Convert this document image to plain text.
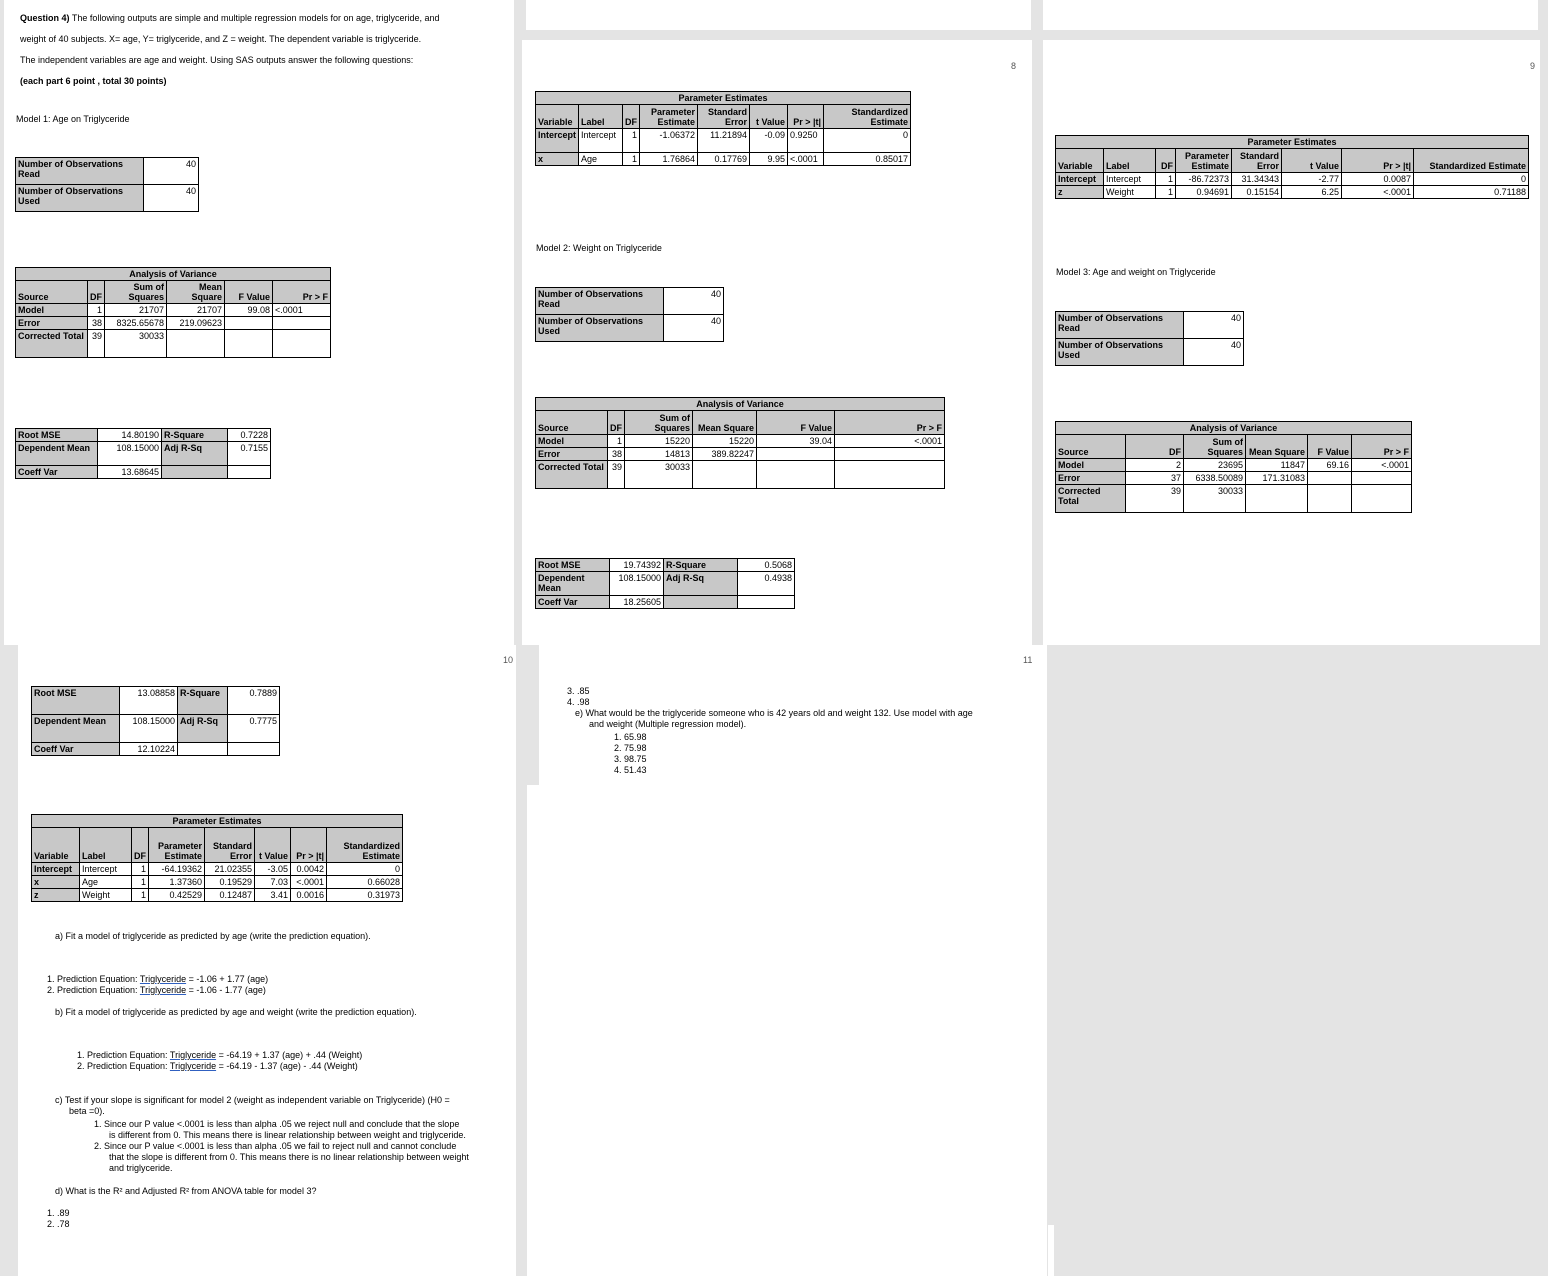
Question 4) The following outputs are simple and multiple regression models for on age, triglyceride, and
weight of 40 subjects. X= age, Y= triglyceride, and Z = weight. The dependent variable is triglyceride.
The independent variables are age and weight. Using SAS outputs answer the following questions:
(each part 6 point , total 30 points)
Model 1: Age on Triglyceride
Number of Observations Read	40
Number of Observations Used	40
Analysis of Variance					
Source	DF	Sum of Squares	Mean Square	F Value	Pr > F
Model	1	21707	21707	99.08	<.0001
Error	38	8325.65678	219.09623		
Corrected Total	39	30033			
Root MSE	14.80190	R-Square	0.7228
Dependent Mean	108.15000	Adj R-Sq	0.7155
Coeff Var	13.68645		
8
Parameter Estimates							
Variable	Label	DF	Parameter Estimate	Standard Error	t Value	Pr > |t|	Standardized Estimate
Intercept	Intercept	1	-1.06372	11.21894	-0.09	0.9250	0
x	Age	1	1.76864	0.17769	9.95	<.0001	0.85017
Model 2: Weight on Triglyceride
Number of Observations Read	40
Number of Observations Used	40
Analysis of Variance					
Source	DF	Sum of Squares	Mean Square	F Value	Pr > F
Model	1	15220	15220	39.04	<.0001
Error	38	14813	389.82247		
Corrected Total	39	30033			
Root MSE	19.74392	R-Square	0.5068
Dependent Mean	108.15000	Adj R-Sq	0.4938
Coeff Var	18.25605		
9
Parameter Estimates							
Variable	Label	DF	Parameter Estimate	Standard Error	t Value	Pr > |t|	Standardized Estimate
Intercept	Intercept	1	-86.72373	31.34343	-2.77	0.0087	0
z	Weight	1	0.94691	0.15154	6.25	<.0001	0.71188
Model 3: Age and weight on Triglyceride
Number of Observations Read	40
Number of Observations Used	40
Analysis of Variance					
Source	DF	Sum of Squares	Mean Square	F Value	Pr > F
Model	2	23695	11847	69.16	<.0001
Error	37	6338.50089	171.31083		
Corrected Total	39	30033			
10
Root MSE	13.08858	R-Square	0.7889
Dependent Mean	108.15000	Adj R-Sq	0.7775
Coeff Var	12.10224		
Parameter Estimates							
Variable	Label	DF	Parameter Estimate	Standard Error	t Value	Pr > |t|	Standardized Estimate
Intercept	Intercept	1	-64.19362	21.02355	-3.05	0.0042	0
x	Age	1	1.37360	0.19529	7.03	<.0001	0.66028
z	Weight	1	0.42529	0.12487	3.41	0.0016	0.31973
a) Fit a model of triglyceride as predicted by age (write the prediction equation).
1. Prediction Equation: Triglyceride = -1.06 + 1.77 (age)
2. Prediction Equation: Triglyceride = -1.06 - 1.77 (age)
b) Fit a model of triglyceride as predicted by age and weight (write the prediction equation).
1. Prediction Equation: Triglyceride = -64.19 + 1.37 (age) + .44 (Weight)
2. Prediction Equation: Triglyceride = -64.19 - 1.37 (age) - .44 (Weight)
c) Test if your slope is significant for model 2 (weight as independent variable on Triglyceride) (H0 =
beta =0).
1. Since our P value <.0001 is less than alpha .05 we reject null and conclude that the slope
is different from 0. This means there is linear relationship between weight and triglyceride.
2. Since our P value <.0001 is less than alpha .05 we fail to reject null and cannot conclude
that the slope is different from 0. This means there is no linear relationship between weight
and triglyceride.
d) What is the R² and Adjusted R² from ANOVA table for model 3?
1. .89
2. .78
11
3. .85
4. .98
e) What would be the triglyceride someone who is 42 years old and weight 132. Use model with age
and weight (Multiple regression model).
1. 65.98
2. 75.98
3. 98.75
4. 51.43
